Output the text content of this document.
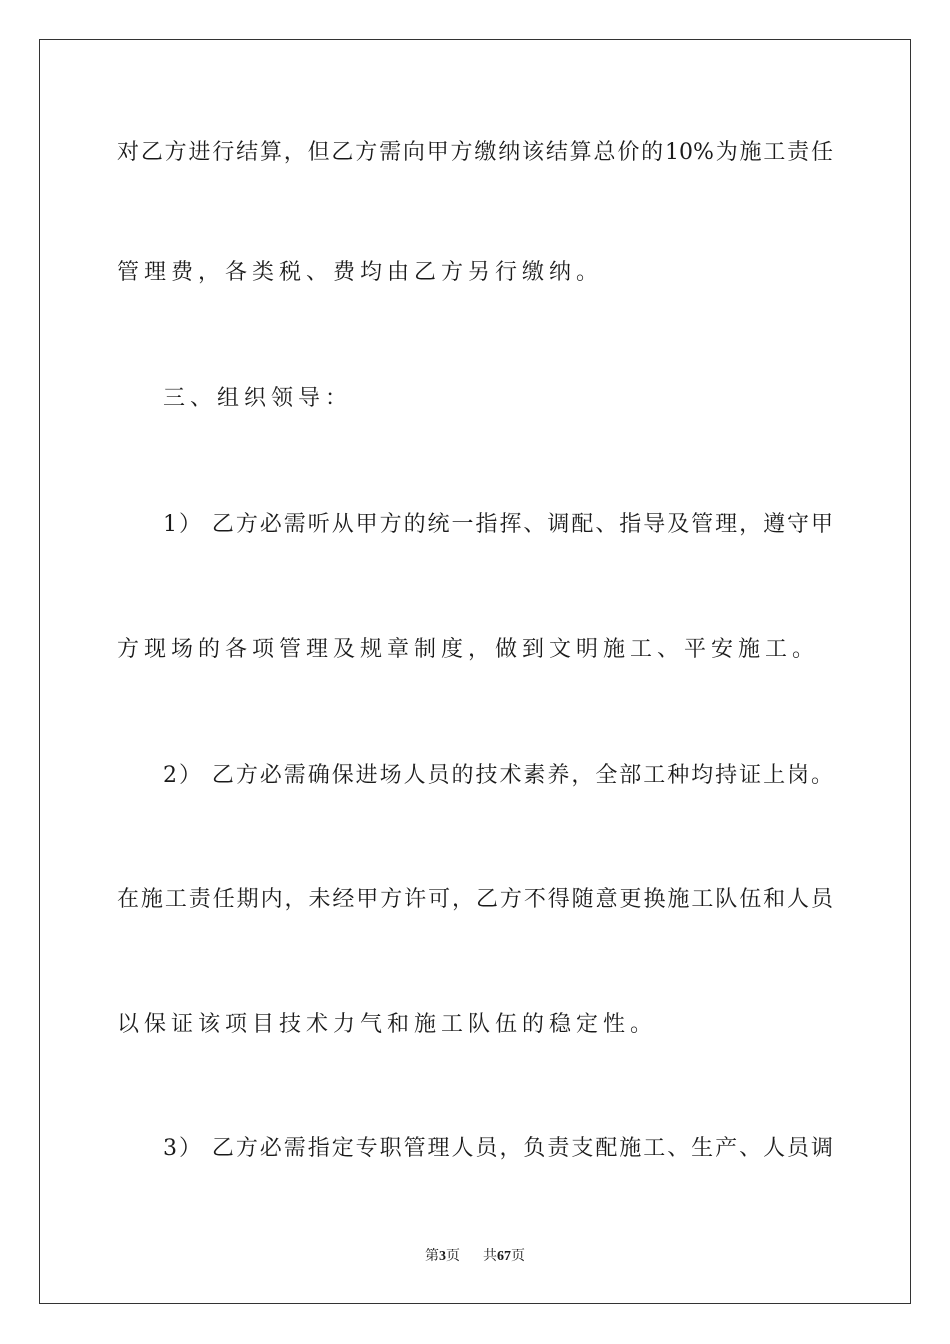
对乙方进行结算，但乙方需向甲方缴纳该结算总价的10%为施工责任
管理费，各类税、费均由乙方另行缴纳。
三、组织领导：
1） 乙方必需听从甲方的统一指挥、调配、指导及管理，遵守甲
方现场的各项管理及规章制度，做到文明施工、平安施工。
2） 乙方必需确保进场人员的技术素养，全部工种均持证上岗。
在施工责任期内，未经甲方许可，乙方不得随意更换施工队伍和人员
以保证该项目技术力气和施工队伍的稳定性。
3） 乙方必需指定专职管理人员，负责支配施工、生产、人员调
第3页 共67页
